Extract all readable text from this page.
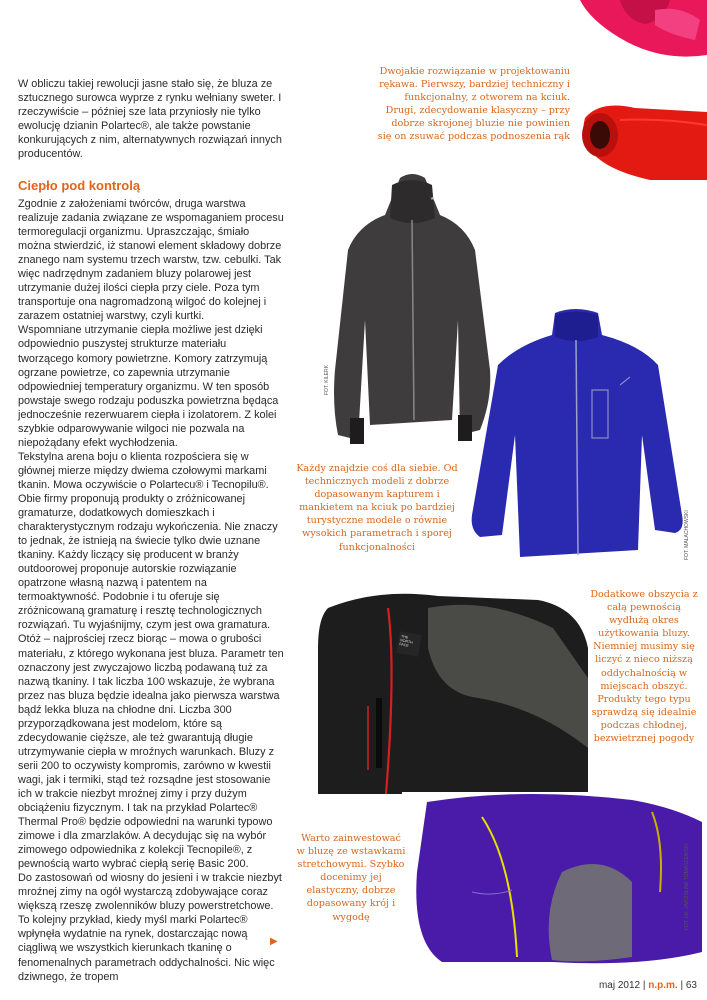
★
THE NORTH FACE

W obliczu takiej rewolucji jasne stało się, że bluza ze sztucznego surowca wyprze z rynku wełniany sweter. I rzeczywiście – później sze lata przyniosły nie tylko ewolucję dzianin Polartec®, ale także powstanie konkurujących z nim, alternatywnych rozwiązań innych producentów.

Ciepło pod kontrolą

Zgodnie z założeniami twórców, druga warstwa realizuje zadania związane ze wspomaganiem procesu termoregulacji organizmu. Upraszczając, śmiało można stwierdzić, iż stanowi element składowy dobrze znanego nam systemu trzech warstw, tzw. cebulki. Tak więc nadrzędnym zadaniem bluzy polarowej jest utrzymanie dużej ilości ciepła przy ciele. Poza tym transportuje ona nagromadzoną wilgoć do kolejnej i zarazem ostatniej warstwy, czyli kurtki.

Wspomniane utrzymanie ciepła możliwe jest dzięki odpowiednio puszystej strukturze materiału tworzącego komory powietrzne. Komory zatrzymują ogrzane powietrze, co zapewnia utrzymanie odpowiedniej temperatury organizmu. W ten sposób powstaje swego rodzaju poduszka powietrzna będąca jednocześnie rezerwuarem ciepła i izolatorem. Z kolei szybkie odparowywanie wilgoci nie pozwala na niepożądany efekt wychłodzenia.

Tekstylna arena boju o klienta rozpościera się w głównej mierze między dwiema czołowymi markami tkanin. Mowa oczywiście o Polartecu® i Tecnopilu®. Obie firmy proponują produkty o zróżnicowanej gramaturze, dodatkowych domieszkach i charakterystycznym rodzaju wykończenia. Nie znaczy to jednak, że istnieją na świecie tylko dwie uznane tkaniny. Każdy liczący się producent w branży outdoorowej proponuje autorskie rozwiązanie opatrzone własną nazwą i patentem na termoaktywność. Podobnie i tu oferuje się zróżnicowaną gramaturę i resztę technologicznych rozwiązań. Tu wyjaśnijmy, czym jest owa gramatura. Otóż – najprościej rzecz biorąc – mowa o grubości materiału, z którego wykonana jest bluza. Parametr ten oznaczony jest zwyczajowo liczbą podawaną tuż za nazwą tkaniny. I tak liczba 100 wskazuje, że wybrana przez nas bluza będzie idealna jako pierwsza warstwa bądź lekka bluza na chłodne dni. Liczba 300 przyporządkowana jest modelom, które są zdecydowanie cięższe, ale też gwarantują długie utrzymywanie ciepła w mroźnych warunkach. Bluzy z serii 200 to oczywisty kompromis, zarówno w kwestii wagi, jak i termiki, stąd też rozsądne jest stosowanie ich w trakcie niezbyt mroźnej zimy i przy dużym obciążeniu fizycznym. I tak na przykład Polartec® Thermal Pro® będzie odpowiedni na warunki typowo zimowe i dla zmarzlaków. A decydując się na wybór zimowego odpowiednika z kolekcji Tecnopile®, z pewnością warto wybrać ciepłą serię Basic 200.

Do zastosowań od wiosny do jesieni i w trakcie niezbyt mroźnej zimy na ogół wystarczą zdobywające coraz większą rzeszę zwolenników bluzy powerstretchowe. To kolejny przykład, kiedy myśl marki Polartec® wpłynęła wydatnie na rynek, dostarczając nową ciągliwą we wszystkich kierunkach tkaninę o fenomenalnych parametrach oddychalności. Nic więc dziwnego, że tropem

▶
Dwojakie rozwiązanie w projektowaniu rękawa. Pierwszy, bardziej techniczny i funkcjonalny, z otworem na kciuk. Drugi, zdecydowanie klasyczny – przy dobrze skrojonej bluzie nie powinien się on zsuwać podczas podnoszenia rąk
Każdy znajdzie coś dla siebie. Od technicznych modeli z dobrze dopasowanym kapturem i mankietem na kciuk po bardziej turystyczne modele o równie wysokich parametrach i sporej funkcjonalności
Dodatkowe obszycia z całą pewnością wydłużą okres użytkowania bluzy. Niemniej musimy się liczyć z nieco niższą oddychalnością w miejscach obszyć. Produkty tego typu sprawdzą się idealnie podczas chłodnej, bezwietrznej pogody
Warto zainwestować w bluzę ze wstawkami stretchowymi. Szybko docenimy jej elastyczny, dobrze dopasowany krój i wygodę
FOT. KILERK
FOT. MAŁACHOWSKI
FOT. ŁK, JAROSŁAW TOMASZEWSKI
maj 2012 | n.p.m. | 63
